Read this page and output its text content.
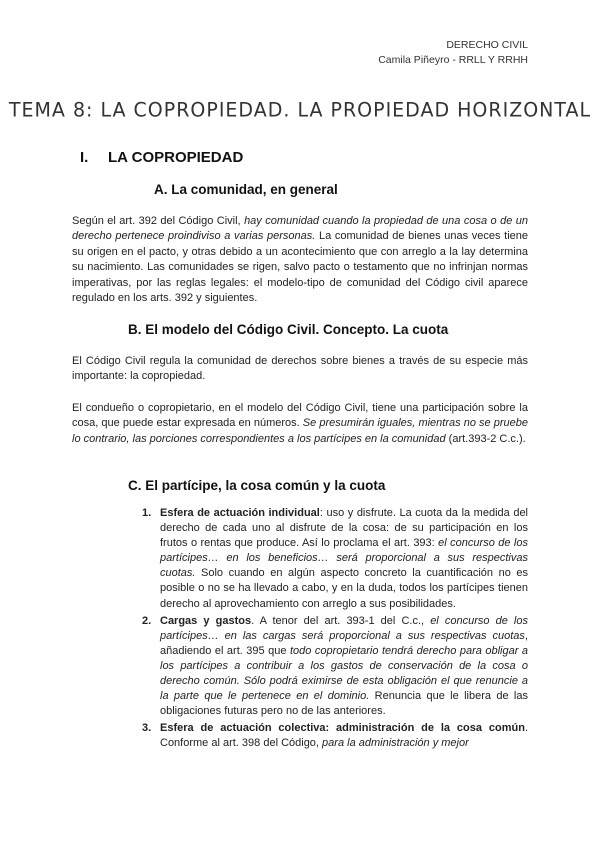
DERECHO CIVIL
Camila Piñeyro - RRLL Y RRHH
TEMA 8: LA COPROPIEDAD. LA PROPIEDAD HORIZONTAL
I. LA COPROPIEDAD
A. La comunidad, en general

Según el art. 392 del Código Civil, hay comunidad cuando la propiedad de una cosa o de un derecho pertenece proindiviso a varias personas. La comunidad de bienes unas veces tiene su origen en el pacto, y otras debido a un acontecimiento que con arreglo a la lay determina su nacimiento. Las comunidades se rigen, salvo pacto o testamento que no infrinjan normas imperativas, por las reglas legales: el modelo-tipo de comunidad del Código civil aparece regulado en los arts. 392 y siguientes.

B. El modelo del Código Civil. Concepto. La cuota

El Código Civil regula la comunidad de derechos sobre bienes a través de su especie más importante: la copropiedad.

El condueño o copropietario, en el modelo del Código Civil, tiene una participación sobre la cosa, que puede estar expresada en números. Se presumirán iguales, mientras no se pruebe lo contrario, las porciones correspondientes a los partícipes en la comunidad (art.393-2 C.c.).

C. El partícipe, la cosa común y la cuota
1. Esfera de actuación individual: uso y disfrute. La cuota da la medida del derecho de cada uno al disfrute de la cosa: de su participación en los frutos o rentas que produce. Así lo proclama el art. 393: el concurso de los partícipes… en los beneficios… será proporcional a sus respectivas cuotas. Solo cuando en algún aspecto concreto la cuantificación no es posible o no se ha llevado a cabo, y en la duda, todos los partícipes tienen derecho al aprovechamiento con arreglo a sus posibilidades.
2. Cargas y gastos. A tenor del art. 393-1 del C.c., el concurso de los partícipes… en las cargas será proporcional a sus respectivas cuotas, añadiendo el art. 395 que todo copropietario tendrá derecho para obligar a los partícipes a contribuir a los gastos de conservación de la cosa o derecho común. Sólo podrá eximirse de esta obligación el que renuncie a la parte que le pertenece en el dominio. Renuncia que le libera de las obligaciones futuras pero no de las anteriores.
3. Esfera de actuación colectiva: administración de la cosa común. Conforme al art. 398 del Código, para la administración y mejor
